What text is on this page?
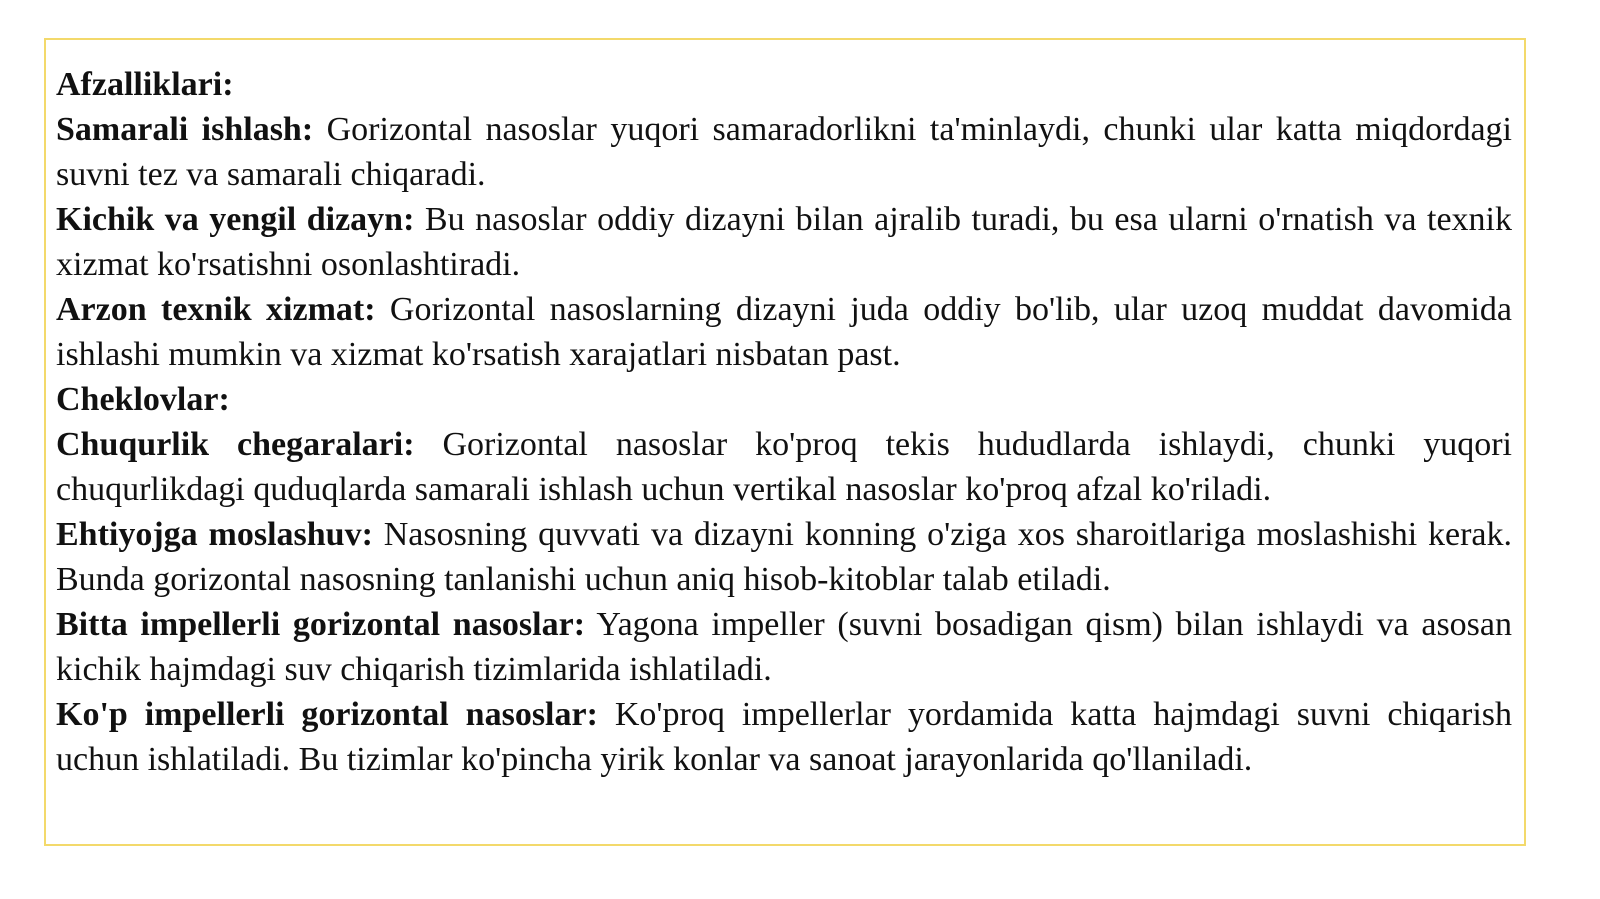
Afzalliklari:

Samarali ishlash: Gorizontal nasoslar yuqori samaradorlikni ta'minlaydi, chunki ular katta miqdordagi suvni tez va samarali chiqaradi.

Kichik va yengil dizayn: Bu nasoslar oddiy dizayni bilan ajralib turadi, bu esa ularni o'rnatish va texnik xizmat ko'rsatishni osonlashtiradi.

Arzon texnik xizmat: Gorizontal nasoslarning dizayni juda oddiy bo'lib, ular uzoq muddat davomida ishlashi mumkin va xizmat ko'rsatish xarajatlari nisbatan past.

Cheklovlar:

Chuqurlik chegaralari: Gorizontal nasoslar ko'proq tekis hududlarda ishlaydi, chunki yuqori chuqurlikdagi quduqlarda samarali ishlash uchun vertikal nasoslar ko'proq afzal ko'riladi.

Ehtiyojga moslashuv: Nasosning quvvati va dizayni konning o'ziga xos sharoitlariga moslashishi kerak. Bunda gorizontal nasosning tanlanishi uchun aniq hisob-kitoblar talab etiladi.

Bitta impellerli gorizontal nasoslar: Yagona impeller (suvni bosadigan qism) bilan ishlaydi va asosan kichik hajmdagi suv chiqarish tizimlarida ishlatiladi.

Ko'p impellerli gorizontal nasoslar: Ko'proq impellerlar yordamida katta hajmdagi suvni chiqarish uchun ishlatiladi. Bu tizimlar ko'pincha yirik konlar va sanoat jarayonlarida qo'llaniladi.
